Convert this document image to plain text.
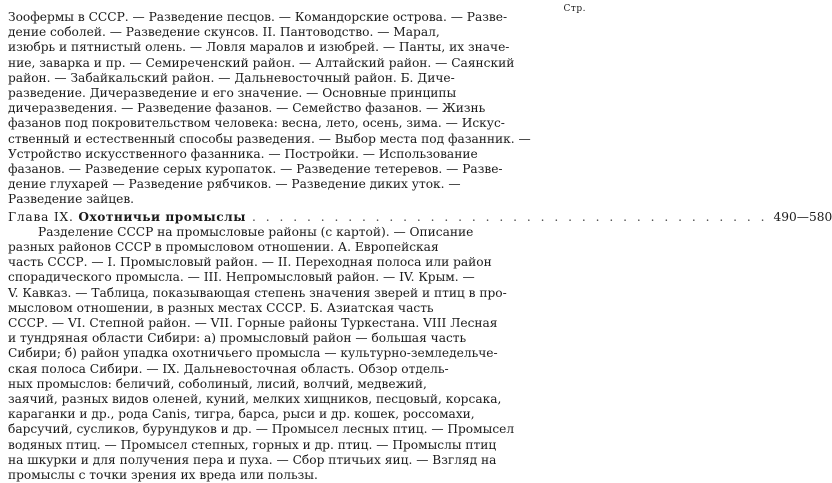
Стр.
Зоофермы в СССР. — Разведение песцов. — Командорские острова. — Разве-
дение соболей. — Разведение скунсов. II. Пантоводство. — Марал,
изюбрь и пятнистый олень. — Ловля маралов и изюбрей. — Панты, их значе-
ние, заварка и пр. — Семиреченский район. — Алтайский район. — Саянский
район. — Забайкальский район. — Дальневосточный район. Б. Диче-
разведение. Дичеразведение и его значение. — Основные принципы
дичеразведения. — Разведение фазанов. — Семейство фазанов. — Жизнь
фазанов под покровительством человека: весна, лето, осень, зима. — Искус-
ственный и естественный способы разведения. — Выбор места под фазанник. —
Устройство искусственного фазанника. — Постройки. — Использование
фазанов. — Разведение серых куропаток. — Разведение тетеревов. — Разве-
дение глухарей — Разведение рябчиков. — Разведение диких уток. —
Разведение зайцев.
Глава IX. Охотничьи промыслы . . . . . . . . . . . . . . . . . . . . . . . . . . . . . . . . . . . . . . 490—580
Разделение СССР на промысловые районы (с картой). — Описание
разных районов СССР в промысловом отношении. А. Европейская
часть СССР. — I. Промысловый район. — II. Переходная полоса или район
спорадического промысла. — III. Непромысловый район. — IV. Крым. —
V. Кавказ. — Таблица, показывающая степень значения зверей и птиц в про-
мысловом отношении, в разных местах СССР. Б. Азиатская часть
СССР. — VI. Степной район. — VII. Горные районы Туркестана. VIII Лесная
и тундряная области Сибири: а) промысловый район — большая часть
Сибири; б) район упадка охотничьего промысла — культурно-земледельче-
ская полоса Сибири. — IX. Дальневосточная область. Обзор отдель-
ных промыслов: беличий, соболиный, лисий, волчий, медвежий,
заячий, разных видов оленей, куний, мелких хищников, песцовый, корсака,
караганки и др., рода Canis, тигра, барса, рыси и др. кошек, россомахи,
барсучий, сусликов, бурундуков и др. — Промысел лесных птиц. — Промысел
водяных птиц. — Промысел степных, горных и др. птиц. — Промыслы птиц
на шкурки и для получения пера и пуха. — Сбор птичьих яиц. — Взгляд на
промыслы с точки зрения их вреда или пользы.
